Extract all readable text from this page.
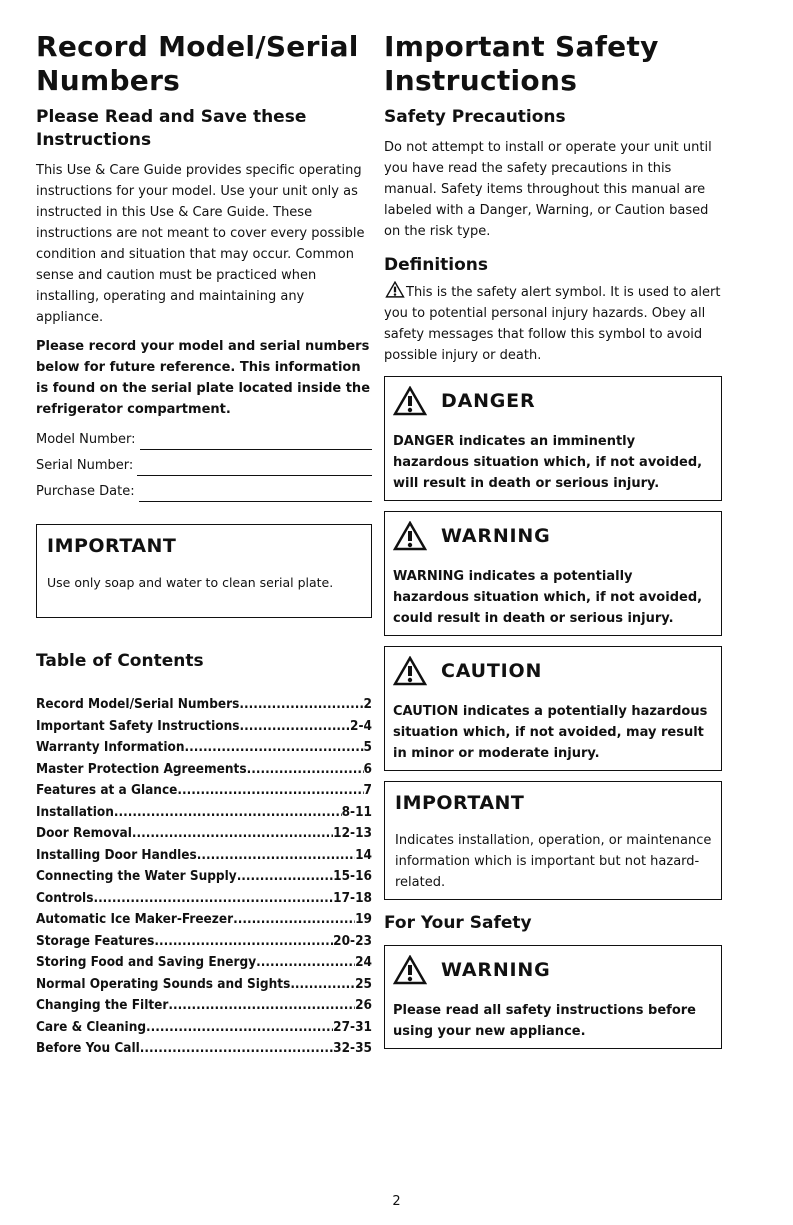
Record Model/Serial Numbers
Please Read and Save these Instructions

This Use & Care Guide provides specific operating instructions for your model. Use your unit only as instructed in this Use & Care Guide. These instructions are not meant to cover every possible condition and situation that may occur. Common sense and caution must be practiced when installing, operating and maintaining any appliance.

Please record your model and serial numbers below for future reference. This information is found on the serial plate located inside the refrigerator compartment.

Model Number:
Serial Number:
Purchase Date:
IMPORTANT
Use only soap and water to clean serial plate.
Table of Contents
Record Model/Serial Numbers .....	2
Important Safety Instructions .....	2-4
Warranty Information .....	5
Master Protection Agreements .....	6
Features at a Glance .....	7
Installation .....	8-11
Door Removal .....	12-13
Installing Door Handles .....	14
Connecting the Water Supply .....	15-16
Controls .....	17-18
Automatic Ice Maker-Freezer .....	19
Storage Features .....	20-23
Storing Food and Saving Energy .....	24
Normal Operating Sounds and Sights .....	25
Changing the Filter .....	26
Care & Cleaning .....	27-31
Before You Call .....	32-35
Important Safety Instructions
Safety Precautions

Do not attempt to install or operate your unit until you have read the safety precautions in this manual. Safety items throughout this manual are labeled with a Danger, Warning, or Caution based on the risk type.

Definitions

This is the safety alert symbol. It is used to alert you to potential personal injury hazards. Obey all safety messages that follow this symbol to avoid possible injury or death.

DANGER
DANGER indicates an imminently hazardous situation which, if not avoided, will result in death or serious injury.
WARNING
WARNING indicates a potentially hazardous situation which, if not avoided, could result in death or serious injury.
CAUTION
CAUTION indicates a potentially hazardous situation which, if not avoided, may result in minor or moderate injury.
IMPORTANT
Indicates installation, operation, or maintenance information which is important but not hazard-related.
For Your Safety
WARNING
Please read all safety instructions before using your new appliance.
2
